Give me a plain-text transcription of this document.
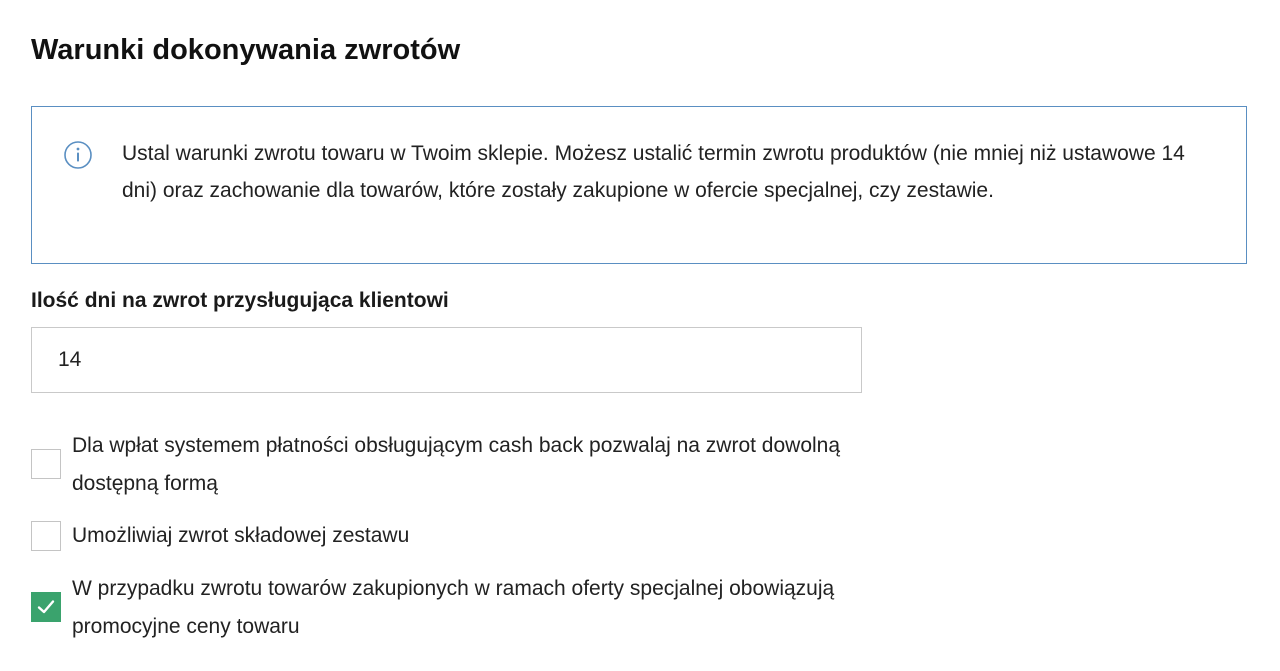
Warunki dokonywania zwrotów
Ustal warunki zwrotu towaru w Twoim sklepie. Możesz ustalić termin zwrotu produktów (nie mniej niż ustawowe 14 dni) oraz zachowanie dla towarów, które zostały zakupione w ofercie specjalnej, czy zestawie.
Ilość dni na zwrot przysługująca klientowi
14
Dla wpłat systemem płatności obsługującym cash back pozwalaj na zwrot dowolną dostępną formą
Umożliwiaj zwrot składowej zestawu
W przypadku zwrotu towarów zakupionych w ramach oferty specjalnej obowiązują promocyjne ceny towaru
